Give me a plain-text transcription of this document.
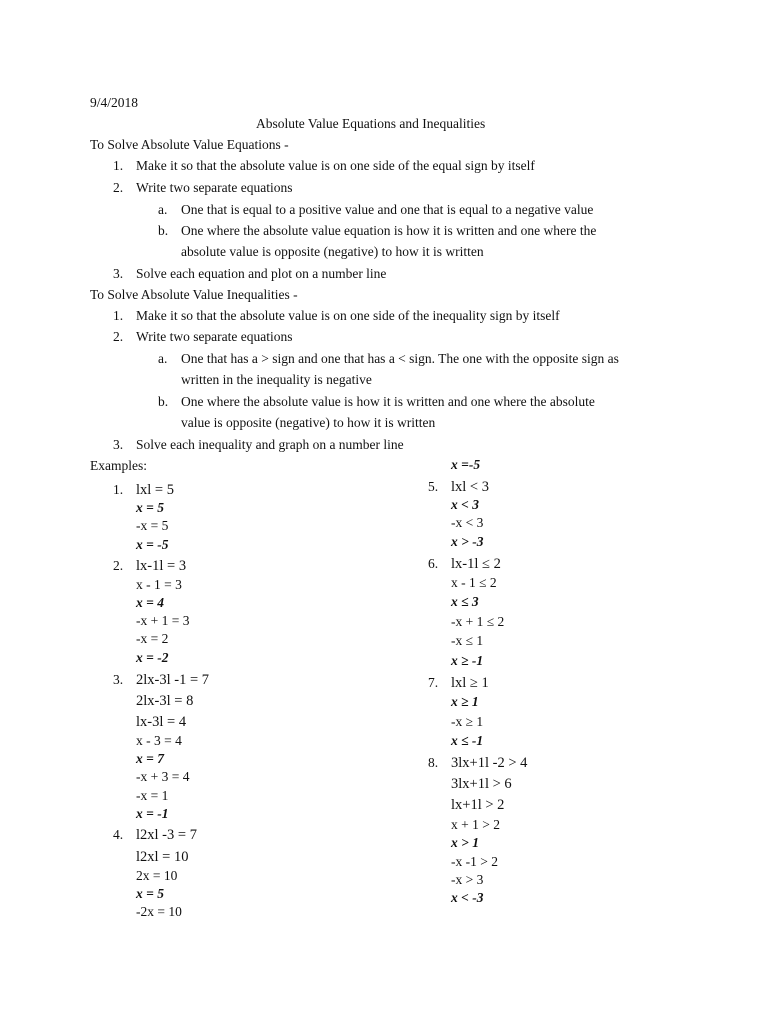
9/4/2018
Absolute Value Equations and Inequalities
To Solve Absolute Value Equations -
1. Make it so that the absolute value is on one side of the equal sign by itself
2. Write two separate equations
a. One that is equal to a positive value and one that is equal to a negative value
b. One where the absolute value equation is how it is written and one where the
absolute value is opposite (negative) to how it is written
3. Solve each equation and plot on a number line
To Solve Absolute Value Inequalities -
1. Make it so that the absolute value is on one side of the inequality sign by itself
2. Write two separate equations
a. One that has a > sign and one that has a < sign. The one with the opposite sign as
written in the inequality is negative
b. One where the absolute value is how it is written and one where the absolute
value is opposite (negative) to how it is written
3. Solve each inequality and graph on a number line
Examples:	x =-5
1. lxl = 5
x = 5
-x = 5
x = -5
2. lx-1l = 3
x - 1 = 3
x = 4
-x + 1 = 3
-x = 2
x = -2
3. 2lx-3l -1 = 7
2lx-3l = 8
lx-3l = 4
x - 3 = 4
x = 7
-x + 3 = 4
-x = 1
x = -1
4. l2xl -3 = 7
l2xl = 10
2x = 10
x = 5
-2x = 10
5. lxl < 3
x < 3
-x < 3
x > -3
6. lx-1l ≤ 2
x - 1 ≤ 2
x ≤ 3
-x + 1 ≤ 2
-x ≤ 1
x ≥ -1
7. lxl ≥ 1
x ≥ 1
-x ≥ 1
x ≤ -1
8. 3lx+1l -2 > 4
3lx+1l > 6
lx+1l > 2
x + 1 > 2
x > 1
-x -1 > 2
-x > 3
x < -3
